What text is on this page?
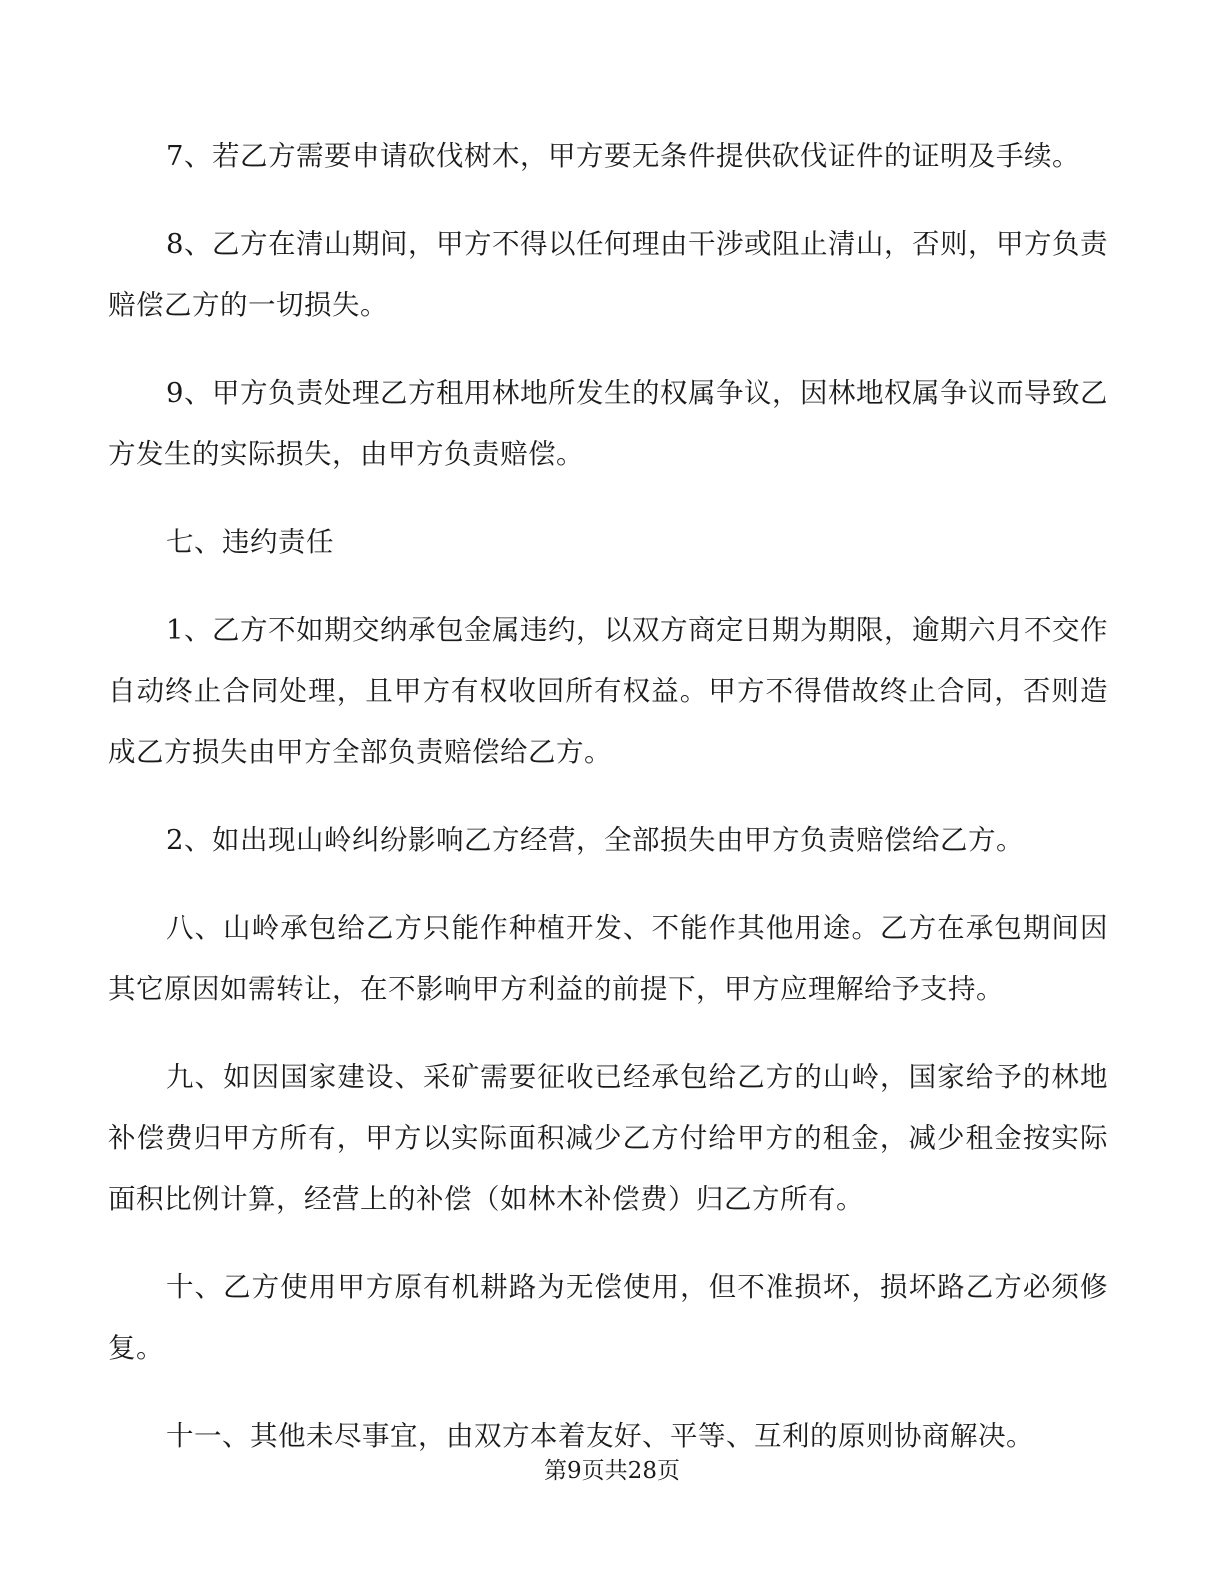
7、若乙方需要申请砍伐树木，甲方要无条件提供砍伐证件的证明及手续。

8、乙方在清山期间，甲方不得以任何理由干涉或阻止清山，否则，甲方负责赔偿乙方的一切损失。

9、甲方负责处理乙方租用林地所发生的权属争议，因林地权属争议而导致乙方发生的实际损失，由甲方负责赔偿。

七、违约责任

1、乙方不如期交纳承包金属违约，以双方商定日期为期限，逾期六月不交作自动终止合同处理，且甲方有权收回所有权益。甲方不得借故终止合同，否则造成乙方损失由甲方全部负责赔偿给乙方。

2、如出现山岭纠纷影响乙方经营，全部损失由甲方负责赔偿给乙方。

八、山岭承包给乙方只能作种植开发、不能作其他用途。乙方在承包期间因其它原因如需转让，在不影响甲方利益的前提下，甲方应理解给予支持。

九、如因国家建设、采矿需要征收已经承包给乙方的山岭，国家给予的林地补偿费归甲方所有，甲方以实际面积减少乙方付给甲方的租金，减少租金按实际面积比例计算，经营上的补偿（如林木补偿费）归乙方所有。

十、乙方使用甲方原有机耕路为无偿使用，但不准损坏，损坏路乙方必须修复。

十一、其他未尽事宜，由双方本着友好、平等、互利的原则协商解决。

第9页共28页
